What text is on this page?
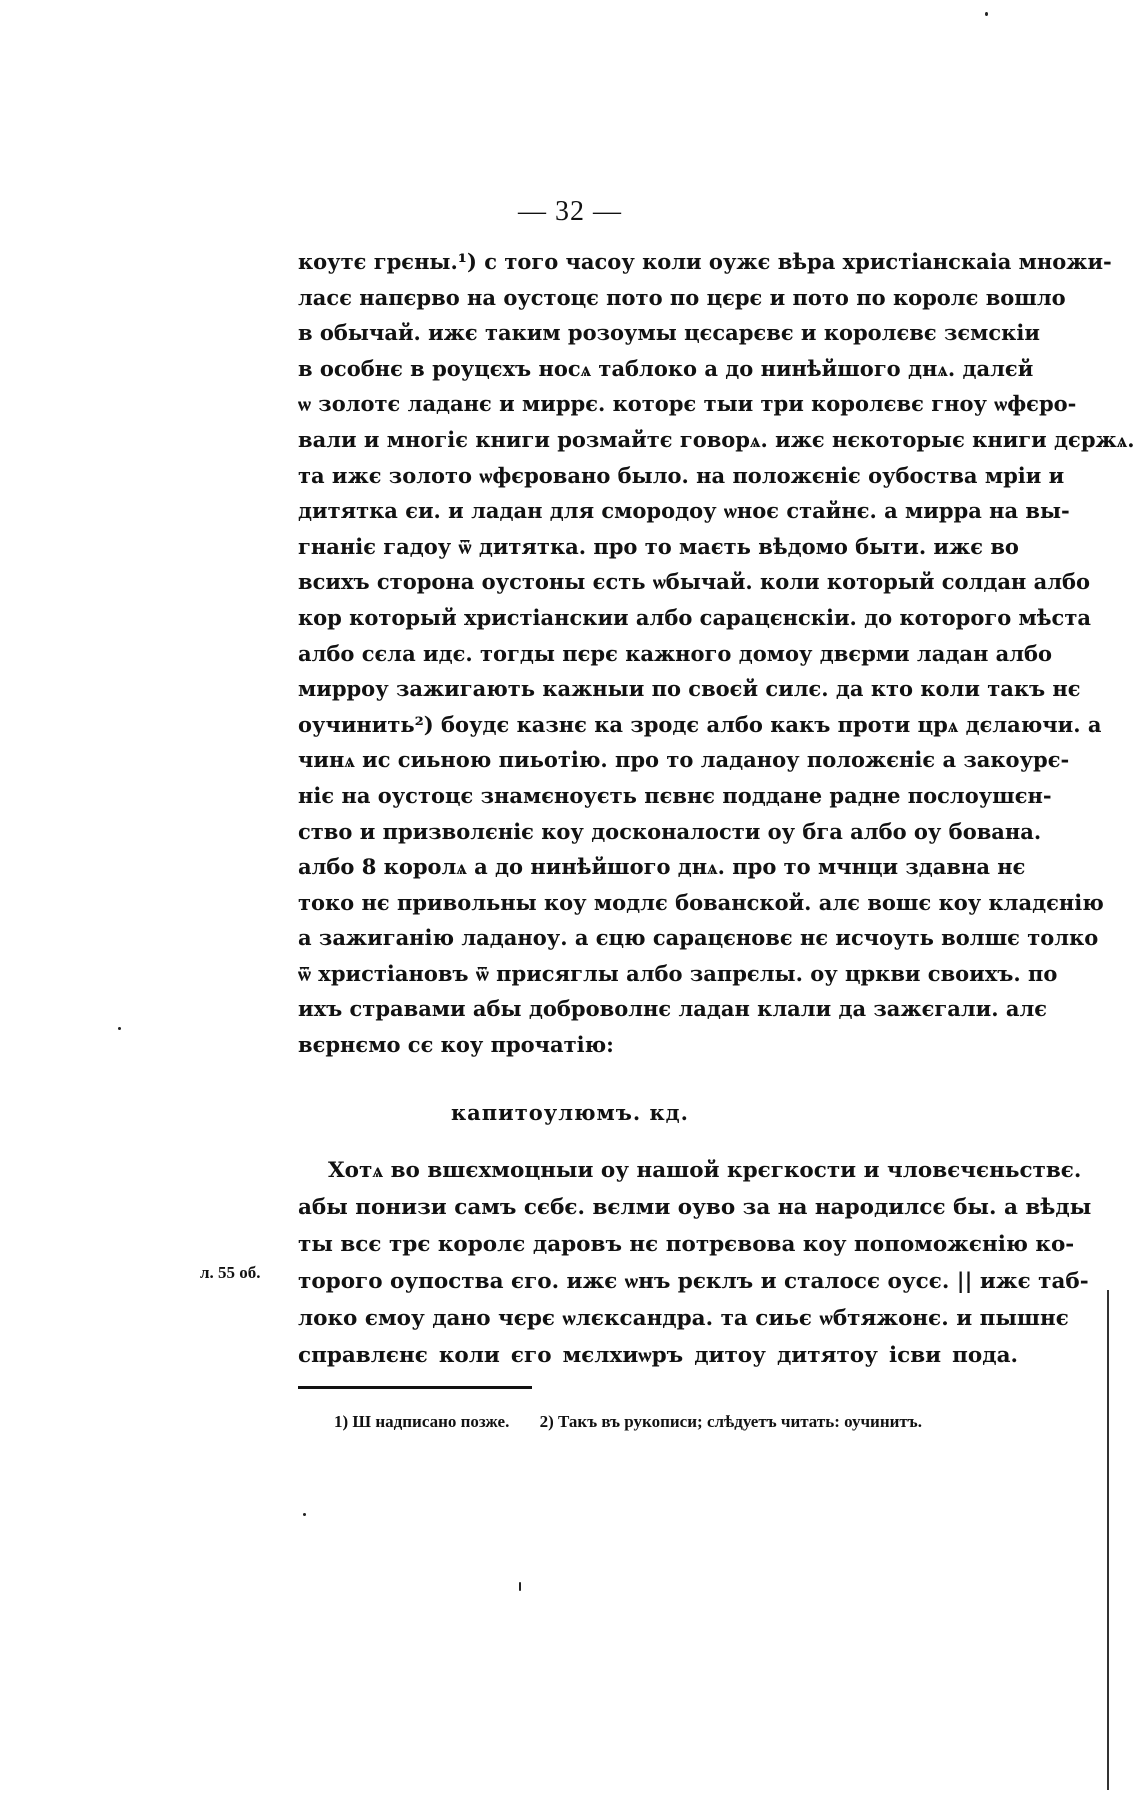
— 32 —
коутє грєны.¹) с того часоу коли оужє вѣра христіанскаіа множи-
ласє напєрво на оустоцє пото по цєрє и пото по королє вошло
в обычай. ижє таким розоумы цєсарєвє и королєвє зємскіи
в особнє в роуцєхъ носѧ таблоко а до нинѣйшого днѧ. далєй
ѡ золотє ладанє и миррє. которє тыи три королєвє гноу ѡфєро-
вали и многіє книги розмайтє говорѧ. ижє нєкоторыє книги дєржѧ.
та ижє золото ѡфєровано было. на положєніє оубоства мріи и
дитятка єи. и ладан для смородоу ѡноє стайнє. а мирра на вы-
гнаніє гадоу ѿ дитятка. про то маєть вѣдомо быти. ижє во
всихъ сторона оустоны єсть ѡбычай. коли который солдан албо
кор который христіанскии албо сарацєнскіи. до которого мѣста
албо сєла идє. тогды пєрє кажного домоу двєрми ладан албо
миррoу зажигають кажныи по своєй силє. да кто коли такъ нє
оучинить²) боудє казнє ка зродє албо какъ проти црѧ дєлаючи. а
чинѧ ис сиьною пиьотію. про то ладаноу положєніє а закоурє-
ніє на оустоцє знамєноуєть пєвнє поддане радне послоушєн-
ство и призволєніє коу досконалости оу бга албо оу бована.
албо 8 королѧ а до нинѣйшого днѧ. про то мчнци здавна нє
токо нє привольны коу модлє бованской. алє вошє коу кладєнію
а зажиганію ладаноу. а єцю сарацєновє нє исчоуть волшє толко
ѿ христіановъ ѿ присяглы албо запрєлы. оу цркви своихъ. по
ихъ стравами абы доброволнє ладан клали да зажєгали. алє
вєрнємо сє коу прочатію:
капитоулюмъ. кд.
Хотѧ во вшєхмоцныи оу нашой крєгкости и чловєчєньствє.
абы понизи самъ сєбє. вєлми оуво за на народилсє бы. а вѣды
ты всє трє королє даровъ нє потрєвова коу попоможєнію ко-
торого оупоства єго. ижє ѡнъ рєклъ и сталосє оусє. || ижє таб-
локо ємоу дано чєрє ѡлєксандра. та сиьє ѡбтяжонє. и пышнє
справлєнє коли єго мєлхиѡръ дитоу дитятоу ісви пода.
л. 55 об.
1) Ш надписано позже. 2) Такъ въ рукописи; слѣдуетъ читать: оучинитъ.
